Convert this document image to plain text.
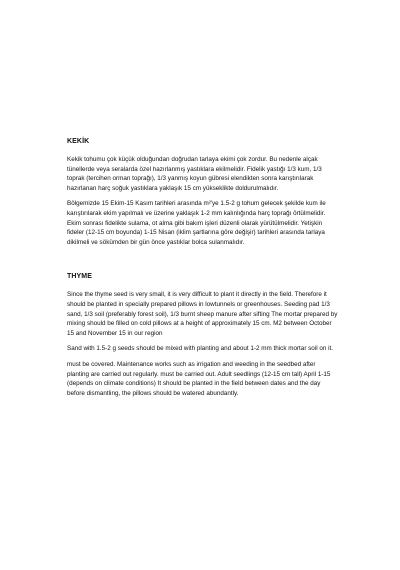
KEKİK

Kekik tohumu çok küçük olduğundan doğrudan tarlaya ekimi çok zordur. Bu nedenle alçak tünellerde veya seralarda özel hazırlanmış yastıklara ekilmelidir. Fidelik yastığı 1/3 kum, 1/3 toprak (tercihen orman toprağı), 1/3 yanmış koyun gübresi elendikten sonra karıştırılarak hazırlanan harç soğuk yastıklara yaklaşık 15 cm yükseklikte doldurulmalıdır.

Bölgemizde 15 Ekim-15 Kasım tarihleri arasında m²'ye 1.5-2 g tohum gelecek şekilde kum ile karıştırılarak ekim yapılmalı ve üzerine yaklaşık 1-2 mm kalınlığında harç toprağı örtülmelidir. Ekim sonrası fidelikte sulama, ot alma gibi bakım işleri düzenli olarak yürütülmelidir. Yetişkin fideler (12-15 cm boyunda) 1-15 Nisan (iklim şartlarına göre değişir) tarihleri arasında tarlaya dikilmeli ve sökümden bir gün önce yastıklar bolca sulanmalıdır.

THYME

Since the thyme seed is very small, it is very difficult to plant it directly in the field. Therefore it should be planted in specially prepared pillows in lowtunnels or greenhouses. Seeding pad 1/3 sand, 1/3 soil (preferably forest soil), 1/3 burnt sheep manure after sifting The mortar prepared by mixing should be filled on cold pillows at a height of approximately 15 cm. M2 between October 15 and November 15 in our region

Sand with 1.5-2 g seeds should be mixed with planting and about 1-2 mm thick mortar soil on it.

must be covered. Maintenance works such as irrigation and weeding in the seedbed after planting are carried out regularly. must be carried out. Adult seedlings (12-15 cm tall) April 1-15 (depends on climate conditions) It should be planted in the field between dates and the day before dismantling, the pillows should be watered abundantly.
